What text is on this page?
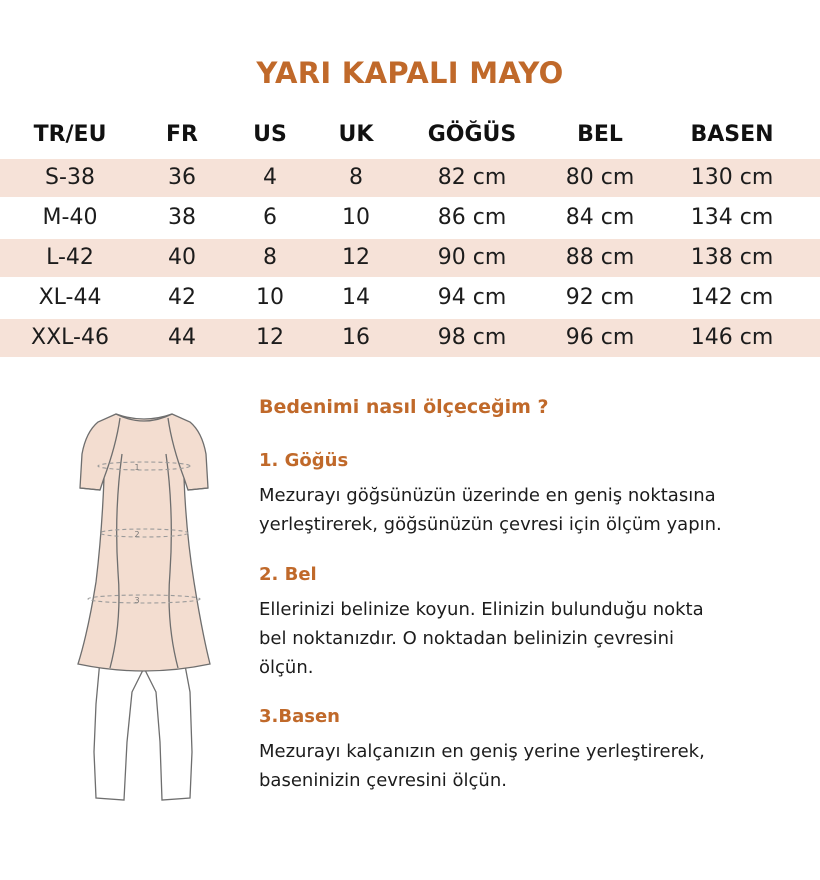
YARI KAPALI MAYO
TR/EU	FR	US	UK	GÖĞÜS	BEL	BASEN
S-38	36	4	8	82 cm	80 cm	130 cm
M-40	38	6	10	86 cm	84 cm	134 cm
L-42	40	8	12	90 cm	88 cm	138 cm
XL-44	42	10	14	94 cm	92 cm	142 cm
XXL-46	44	12	16	98 cm	96 cm	146 cm
1
2
3
Bedenimi nasıl ölçeceğim ?
1. Göğüs
Mezurayı göğsünüzün üzerinde en geniş noktasına
yerleştirerek, göğsünüzün çevresi için ölçüm yapın.
2. Bel
Ellerinizi belinize koyun. Elinizin bulunduğu nokta
bel noktanızdır. O noktadan belinizin çevresini
ölçün.
3.Basen
Mezurayı kalçanızın en geniş yerine yerleştirerek,
baseninizin çevresini ölçün.
